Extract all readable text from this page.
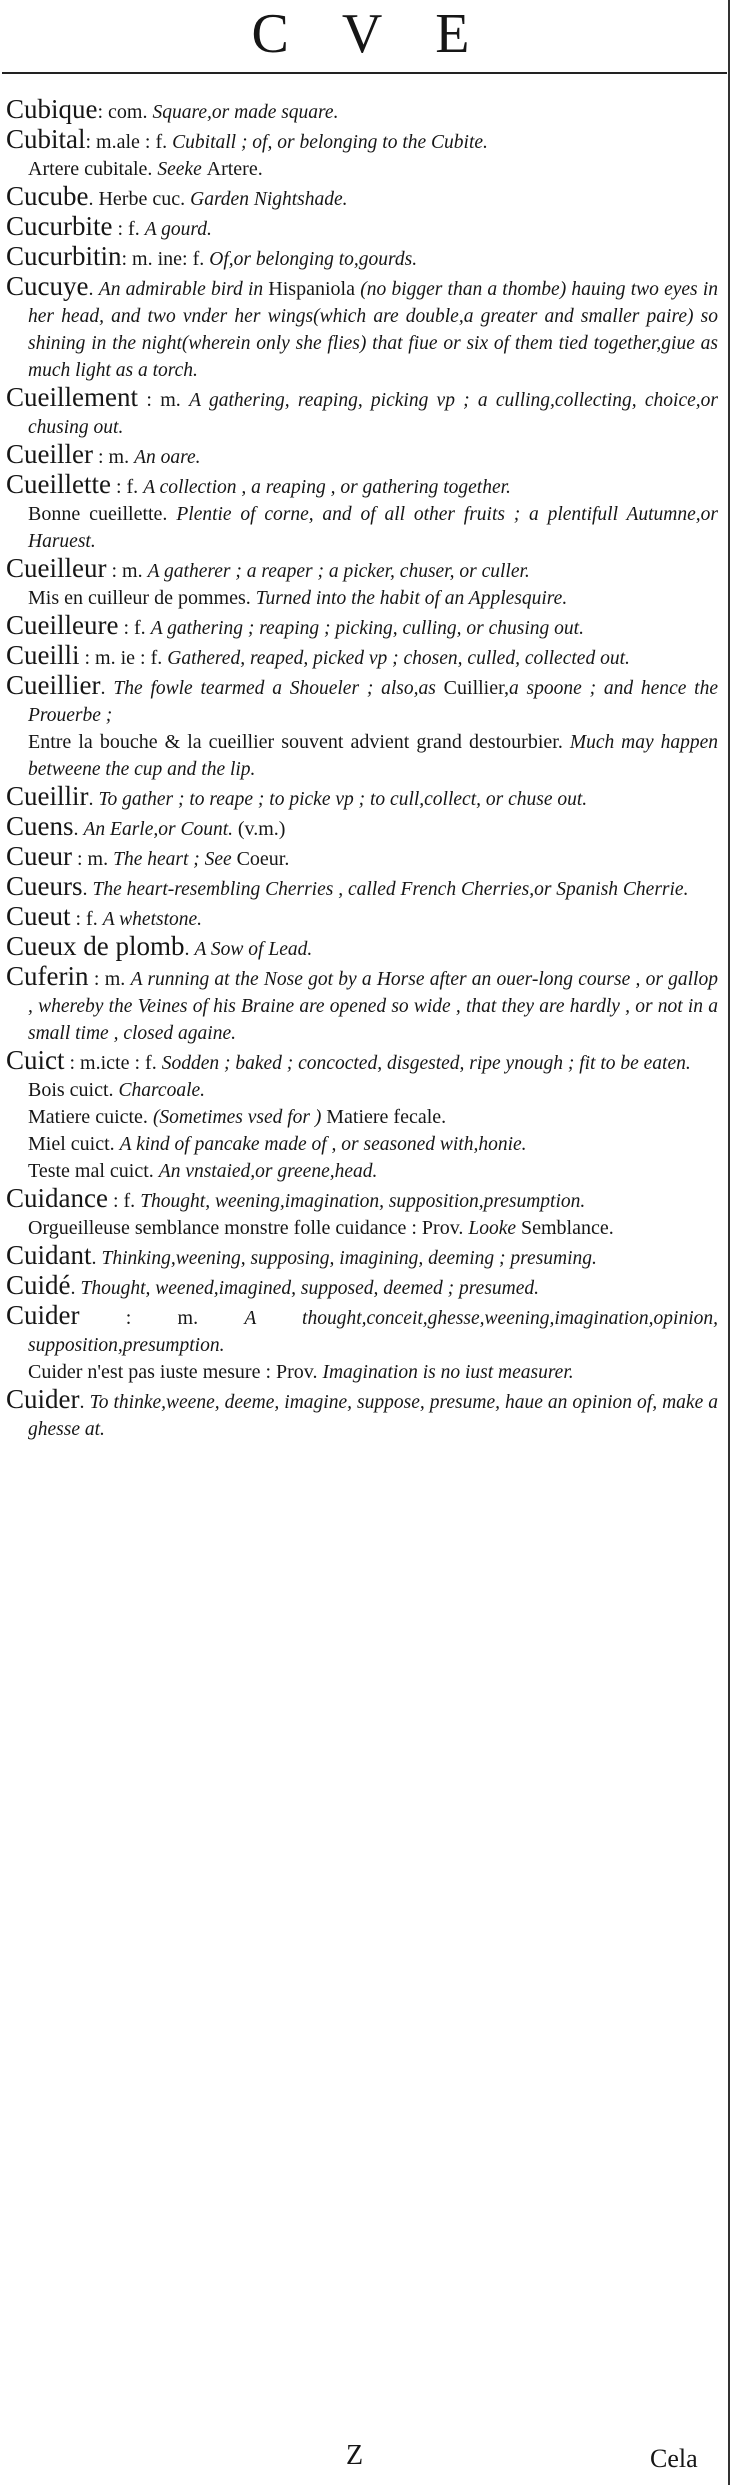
C V E

Cubique: com. Square,or made square.

Cubital: m.ale : f. Cubitall ; of, or belonging to the Cubite.

Artere cubitale. Seeke Artere.

Cucube. Herbe cuc. Garden Nightshade.

Cucurbite : f. A gourd.

Cucurbitin: m. ine: f. Of,or belonging to,gourds.

Cucuye. An admirable bird in Hispaniola (no bigger than a thombe) hauing two eyes in her head, and two vnder her wings(which are double,a greater and smaller paire) so shining in the night(wherein only she flies) that fiue or six of them tied together,giue as much light as a torch.

Cueillement : m. A gathering, reaping, picking vp ; a culling,collecting, choice,or chusing out.

Cueiller : m. An oare.

Cueillette : f. A collection , a reaping , or gathering together.

Bonne cueillette. Plentie of corne, and of all other fruits ; a plentifull Autumne,or Haruest.

Cueilleur : m. A gatherer ; a reaper ; a picker, chuser, or culler.

Mis en cuilleur de pommes. Turned into the habit of an Applesquire.

Cueilleure : f. A gathering ; reaping ; picking, culling, or chusing out.

Cueilli : m. ie : f. Gathered, reaped, picked vp ; chosen, culled, collected out.

Cueillier. The fowle tearmed a Shoueler ; also,as Cuillier,a spoone ; and hence the Prouerbe ;

Entre la bouche & la cueillier souvent advient grand destourbier. Much may happen betweene the cup and the lip.

Cueillir. To gather ; to reape ; to picke vp ; to cull,collect, or chuse out.

Cuens. An Earle,or Count. (v.m.)

Cueur : m. The heart ; See Coeur.

Cueurs. The heart-resembling Cherries , called French Cherries,or Spanish Cherrie.

Cueut : f. A whetstone.

Cueux de plomb. A Sow of Lead.

Cuferin : m. A running at the Nose got by a Horse after an ouer-long course , or gallop , whereby the Veines of his Braine are opened so wide , that they are hardly , or not in a small time , closed againe.

Cuict : m.icte : f. Sodden ; baked ; concocted, disgested, ripe ynough ; fit to be eaten.

Bois cuict. Charcoale.

Matiere cuicte. (Sometimes vsed for ) Matiere fecale.

Miel cuict. A kind of pancake made of , or seasoned with,honie.

Teste mal cuict. An vnstaied,or greene,head.

Cuidance : f. Thought, weening,imagination, supposition,presumption.

Orgueilleuse semblance monstre folle cuidance : Prov. Looke Semblance.

Cuidant. Thinking,weening, supposing, imagining, deeming ; presuming.

Cuidé. Thought, weened,imagined, supposed, deemed ; presumed.

Cuider : m. A thought,conceit,ghesse,weening,imagination,opinion, supposition,presumption.

Cuider n'est pas iuste mesure : Prov. Imagination is no iust measurer.

Cuider. To thinke,weene, deeme, imagine, suppose, presume, haue an opinion of, make a ghesse at.

Z	Cela
